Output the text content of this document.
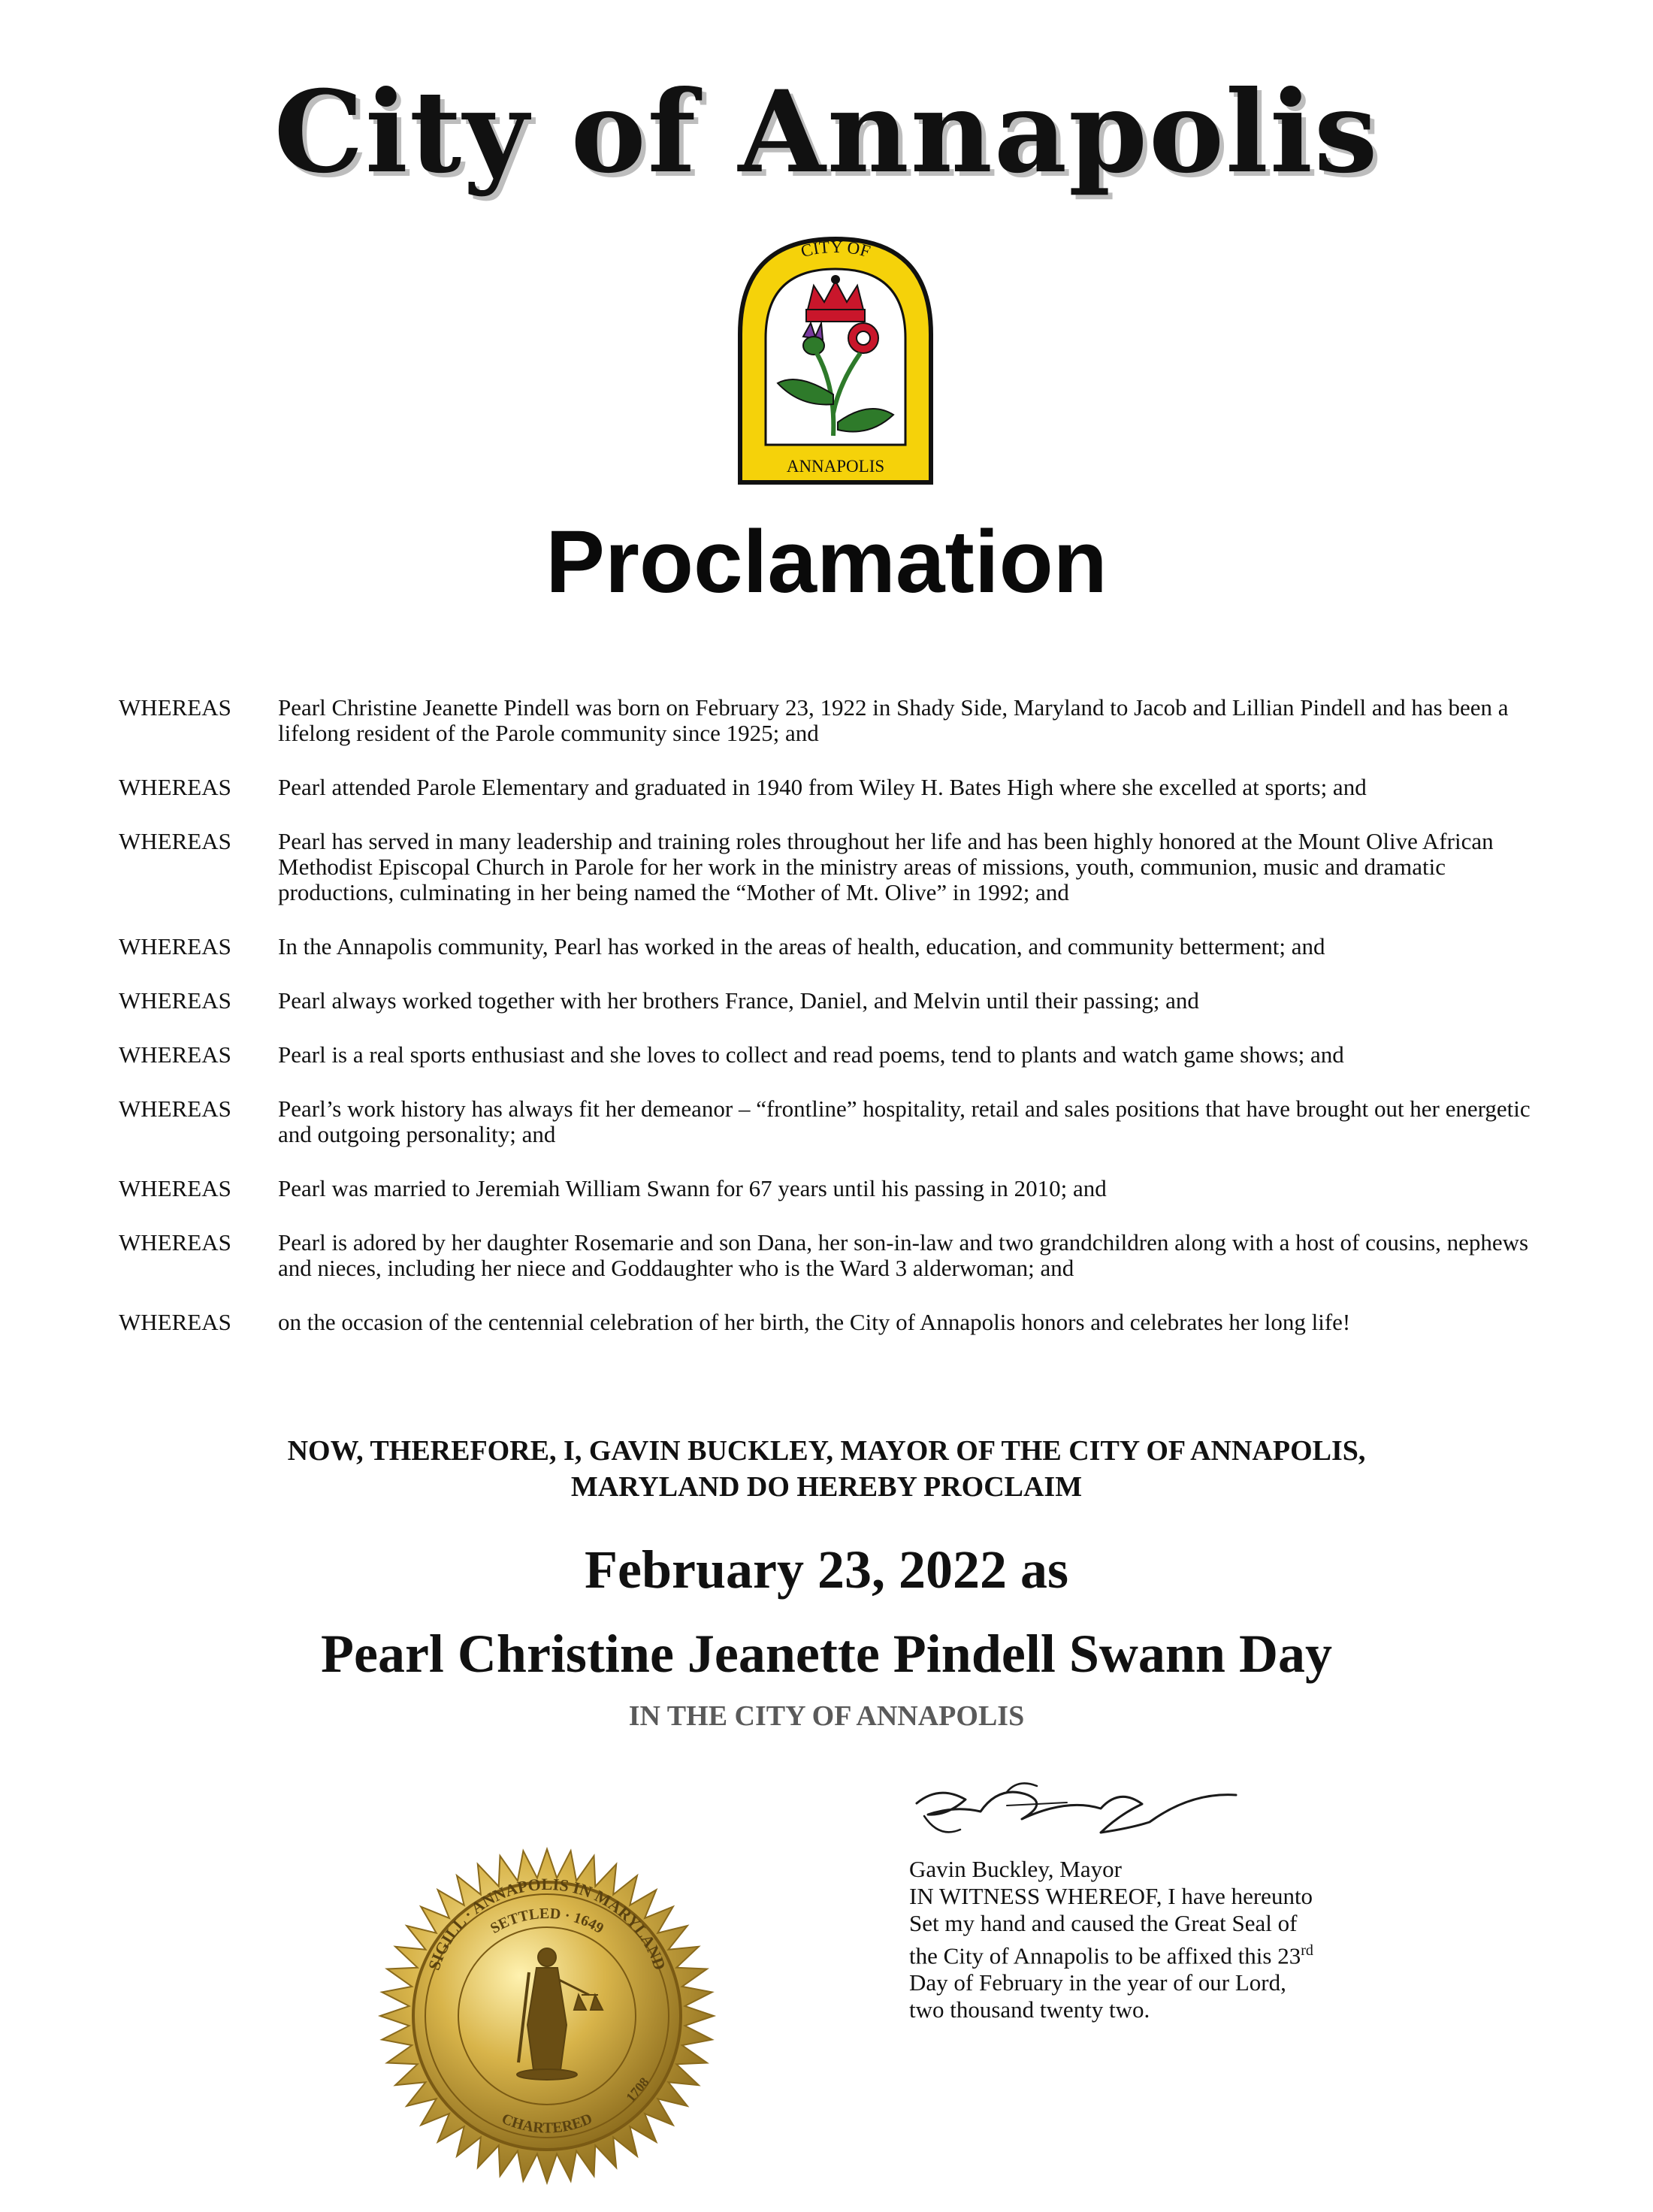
City of Annapolis
CITY OF
ANNAPOLIS
Proclamation
WHEREAS	Pearl Christine Jeanette Pindell was born on February 23, 1922 in Shady Side, Maryland to Jacob and Lillian Pindell and has been a lifelong resident of the Parole community since 1925; and
WHEREAS	Pearl attended Parole Elementary and graduated in 1940 from Wiley H. Bates High where she excelled at sports; and
WHEREAS	Pearl has served in many leadership and training roles throughout her life and has been highly honored at the Mount Olive African Methodist Episcopal Church in Parole for her work in the ministry areas of missions, youth, communion, music and dramatic productions, culminating in her being named the “Mother of Mt. Olive” in 1992; and
WHEREAS	In the Annapolis community, Pearl has worked in the areas of health, education, and community betterment; and
WHEREAS	Pearl always worked together with her brothers France, Daniel, and Melvin until their passing; and
WHEREAS	Pearl is a real sports enthusiast and she loves to collect and read poems, tend to plants and watch game shows; and
WHEREAS	Pearl’s work history has always fit her demeanor – “frontline” hospitality, retail and sales positions that have brought out her energetic and outgoing personality; and
WHEREAS	Pearl was married to Jeremiah William Swann for 67 years until his passing in 2010; and
WHEREAS	Pearl is adored by her daughter Rosemarie and son Dana, her son-in-law and two grandchildren along with a host of cousins, nephews and nieces, including her niece and Goddaughter who is the Ward 3 alderwoman; and
WHEREAS	on the occasion of the centennial celebration of her birth, the City of Annapolis honors and celebrates her long life!
NOW, THEREFORE, I, GAVIN BUCKLEY, MAYOR OF THE CITY OF ANNAPOLIS,
MARYLAND DO HEREBY PROCLAIM
February 23, 2022 as
Pearl Christine Jeanette Pindell Swann Day
IN THE CITY OF ANNAPOLIS
Gavin Buckley, Mayor
IN WITNESS WHEREOF, I have hereunto
Set my hand and caused the Great Seal of
the City of Annapolis to be affixed this 23rd
Day of February in the year of our Lord,
two thousand twenty two.
SIGILL · ANNAPOLIS IN MARYLAND
SETTLED · 1649
CHARTERED
1708
